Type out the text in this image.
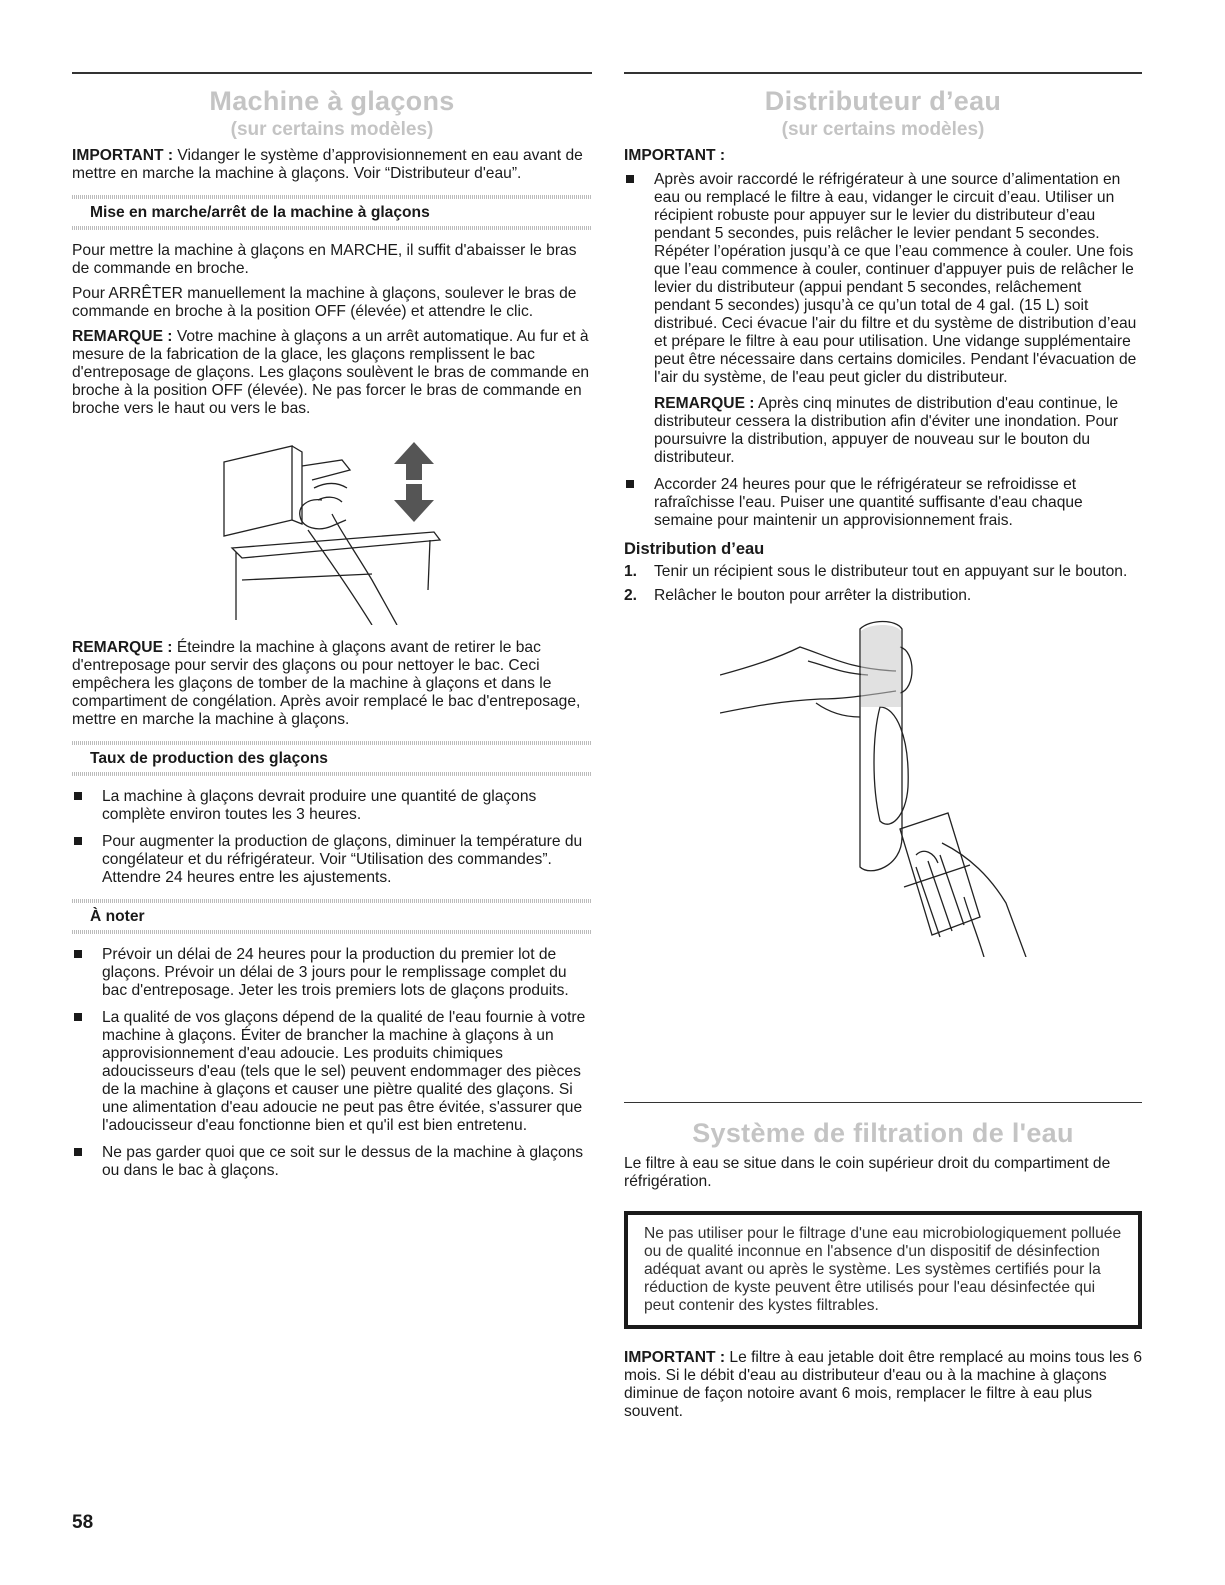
Machine à glaçons
(sur certains modèles)

IMPORTANT : Vidanger le système d’approvisionnement en eau avant de mettre en marche la machine à glaçons. Voir “Distributeur d'eau”.

Mise en marche/arrêt de la machine à glaçons

Pour mettre la machine à glaçons en MARCHE, il suffit d'abaisser le bras de commande en broche.

Pour ARRÊTER manuellement la machine à glaçons, soulever le bras de commande en broche à la position OFF (élevée) et attendre le clic.

REMARQUE : Votre machine à glaçons a un arrêt automatique. Au fur et à mesure de la fabrication de la glace, les glaçons remplissent le bac d'entreposage de glaçons. Les glaçons soulèvent le bras de commande en broche à la position OFF (élevée). Ne pas forcer le bras de commande en broche vers le haut ou vers le bas.

REMARQUE : Éteindre la machine à glaçons avant de retirer le bac d'entreposage pour servir des glaçons ou pour nettoyer le bac. Ceci empêchera les glaçons de tomber de la machine à glaçons et dans le compartiment de congélation. Après avoir remplacé le bac d'entreposage, mettre en marche la machine à glaçons.

Taux de production des glaçons
La machine à glaçons devrait produire une quantité de glaçons complète environ toutes les 3 heures.
Pour augmenter la production de glaçons, diminuer la température du congélateur et du réfrigérateur. Voir “Utilisation des commandes”. Attendre 24 heures entre les ajustements.
À noter
Prévoir un délai de 24 heures pour la production du premier lot de glaçons. Prévoir un délai de 3 jours pour le remplissage complet du bac d'entreposage. Jeter les trois premiers lots de glaçons produits.
La qualité de vos glaçons dépend de la qualité de l'eau fournie à votre machine à glaçons. Éviter de brancher la machine à glaçons à un approvisionnement d'eau adoucie. Les produits chimiques adoucisseurs d'eau (tels que le sel) peuvent endommager des pièces de la machine à glaçons et causer une piètre qualité des glaçons. Si une alimentation d'eau adoucie ne peut pas être évitée, s'assurer que l'adoucisseur d'eau fonctionne bien et qu'il est bien entretenu.
Ne pas garder quoi que ce soit sur le dessus de la machine à glaçons ou dans le bac à glaçons.
Distributeur d’eau
(sur certains modèles)

IMPORTANT :

Après avoir raccordé le réfrigérateur à une source d’alimentation en eau ou remplacé le filtre à eau, vidanger le circuit d’eau. Utiliser un récipient robuste pour appuyer sur le levier du distributeur d’eau pendant 5 secondes, puis relâcher le levier pendant 5 secondes. Répéter l’opération jusqu’à ce que l’eau commence à couler. Une fois que l’eau commence à couler, continuer d'appuyer puis de relâcher le levier du distributeur (appui pendant 5 secondes, relâchement pendant 5 secondes) jusqu’à ce qu’un total de 4 gal. (15 L) soit distribué. Ceci évacue l'air du filtre et du système de distribution d’eau et prépare le filtre à eau pour utilisation. Une vidange supplémentaire peut être nécessaire dans certains domiciles. Pendant l'évacuation de l'air du système, de l'eau peut gicler du distributeur.

REMARQUE : Après cinq minutes de distribution d'eau continue, le distributeur cessera la distribution afin d'éviter une inondation. Pour poursuivre la distribution, appuyer de nouveau sur le bouton du distributeur.

Accorder 24 heures pour que le réfrigérateur se refroidisse et rafraîchisse l'eau. Puiser une quantité suffisante d'eau chaque semaine pour maintenir un approvisionnement frais.
Distribution d’eau
1. Tenir un récipient sous le distributeur tout en appuyant sur le bouton.
2. Relâcher le bouton pour arrêter la distribution.
Système de filtration de l'eau

Le filtre à eau se situe dans le coin supérieur droit du compartiment de réfrigération.

Ne pas utiliser pour le filtrage d'une eau microbiologiquement polluée ou de qualité inconnue en l'absence d'un dispositif de désinfection adéquat avant ou après le système. Les systèmes certifiés pour la réduction de kyste peuvent être utilisés pour l'eau désinfectée qui peut contenir des kystes filtrables.

IMPORTANT : Le filtre à eau jetable doit être remplacé au moins tous les 6 mois. Si le débit d'eau au distributeur d'eau ou à la machine à glaçons diminue de façon notoire avant 6 mois, remplacer le filtre à eau plus souvent.

58
